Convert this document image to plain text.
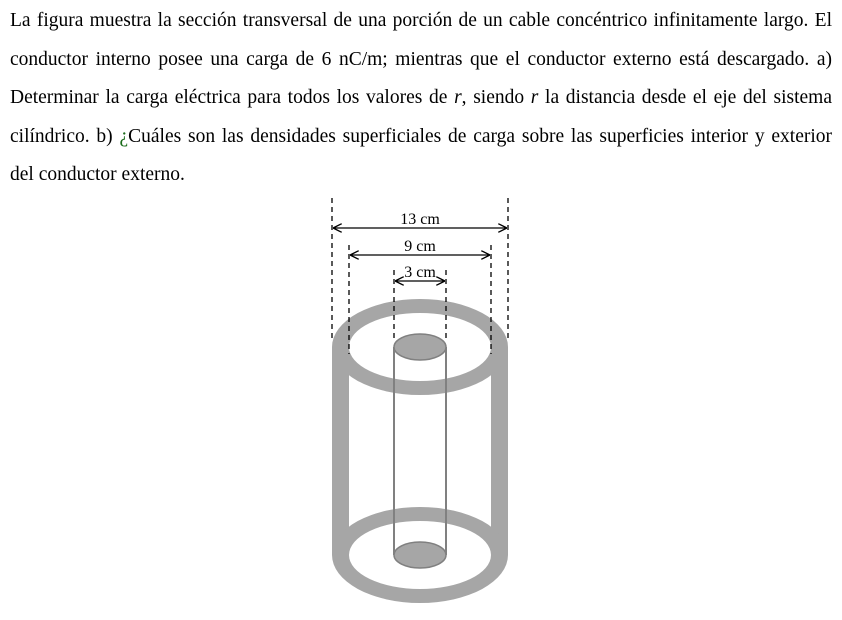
La figura muestra la sección transversal de una porción de un cable concéntrico infinitamente largo. El conductor interno posee una carga de 6 nC/m; mientras que el conductor externo está descargado. a) Determinar la carga eléctrica para todos los valores de r, siendo r la distancia desde el eje del sistema cilíndrico. b) ¿Cuáles son las densidades superficiales de carga sobre las superficies interior y exterior del conductor externo.

13 cm
9 cm
3 cm
